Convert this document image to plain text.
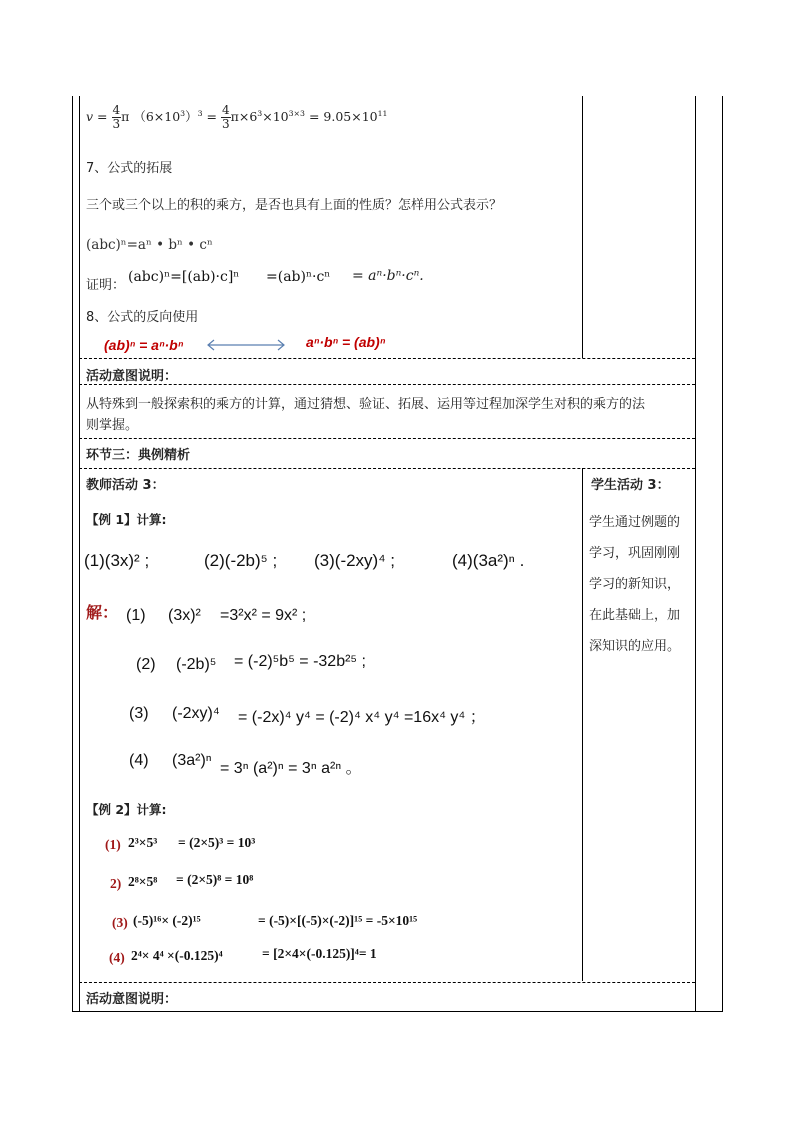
$v = \frac{4}{3}$ π $(6\times 10^3)^3 = \frac{4}{3} \pi\times 6^3\times 10^{3\times 3} = 9.05\times 10^{11}$
7、公式的拓展
三个或三个以上的积的乘方，是否也具有上面的性质？怎样用公式表示？
(abc)ⁿ=aⁿ • bⁿ • cⁿ
证明：
(abc)ⁿ=[(ab)·c]ⁿ =(ab)ⁿ·cⁿ = aⁿ·bⁿ·cⁿ.
8、公式的反向使用
(ab)ⁿ = aⁿ·bⁿ	aⁿ·bⁿ = (ab)ⁿ
活动意图说明：
从特殊到一般探索积的乘方的计算，通过猜想、验证、拓展、运用等过程加深学生对积的乘方的法
则掌握。
环节三：典例精析
教师活动 3：	学生活动 3：
学生通过例题的
学习，巩固刚刚
学习的新知识，
在此基础上，加
深知识的应用。
【例 1】计算:
(1)(3x)² ;	(2)(-2b)⁵ ; (3)(-2xy)⁴ ;	(4)(3a²)ⁿ .
解： (1) (3x)² =3²x² = 9x² ;
(2) (-2b)⁵ = (-2)⁵b⁵ = -32b²⁵ ;
(3) (-2xy)⁴ = (-2x)⁴ y⁴ = (-2)⁴ x⁴ y⁴ =16x⁴ y⁴ ；
(4) (3a²)ⁿ = 3ⁿ (a²)ⁿ = 3ⁿ a²ⁿ 。
【例 2】计算:
(1) 2³×5³ = (2×5)³ = 10³
2) 2⁸×5⁸ = (2×5)⁸ = 10⁸
(3) (-5)¹⁶× (-2)¹⁵	= (-5)×[(-5)×(-2)]¹⁵ = -5×10¹⁵
(4) 2⁴× 4⁴ ×(-0.125)⁴	= [2×4×(-0.125)]⁴= 1
活动意图说明：
